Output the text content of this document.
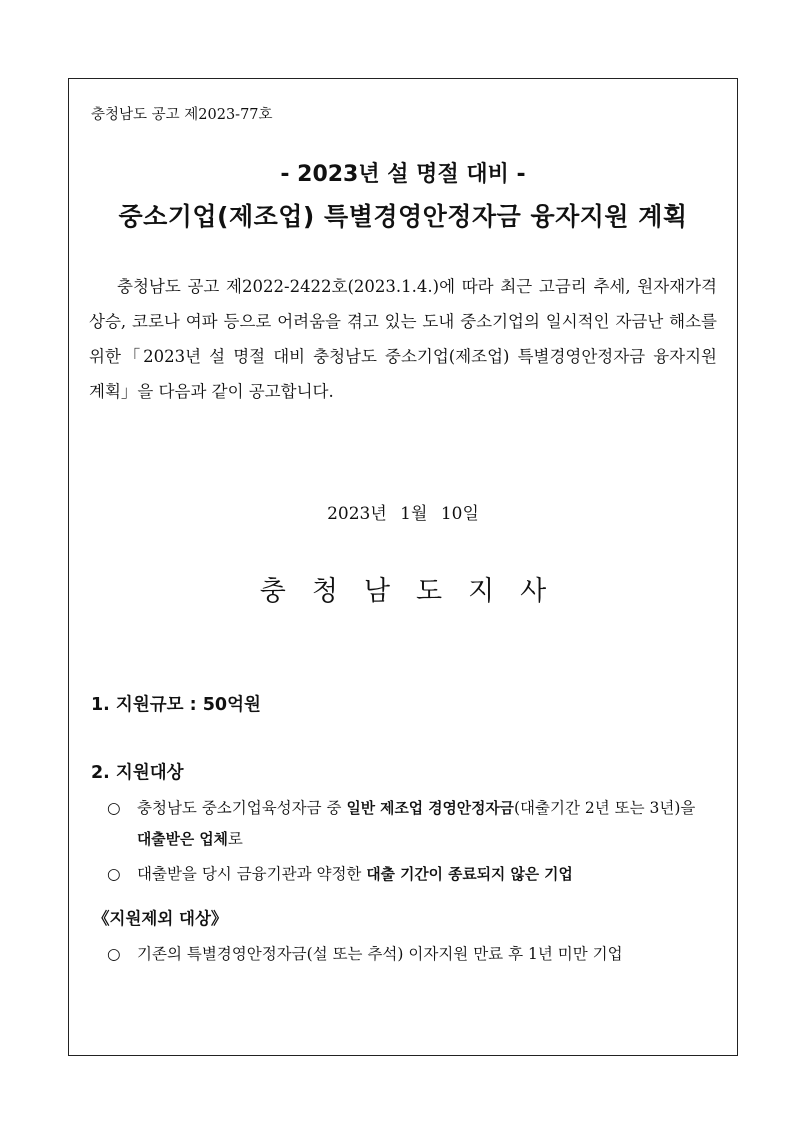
충청남도 공고 제2023-77호
- 2023년 설 명절 대비 -
중소기업(제조업) 특별경영안정자금 융자지원 계획
충청남도 공고 제2022-2422호(2023.1.4.)에 따라 최근 고금리 추세, 원자재가격 상승, 코로나 여파 등으로 어려움을 겪고 있는 도내 중소기업의 일시적인 자금난 해소를 위한「2023년 설 명절 대비 충청남도 중소기업(제조업) 특별경영안정자금 융자지원 계획」을 다음과 같이 공고합니다.
2023년 1월 10일
충청남도지사
1. 지원규모 : 50억원
2. 지원대상
○ 충청남도 중소기업육성자금 중 일반 제조업 경영안정자금(대출기간 2년 또는 3년)을 대출받은 업체로
○ 대출받을 당시 금융기관과 약정한 대출 기간이 종료되지 않은 기업
《지원제외 대상》
○ 기존의 특별경영안정자금(설 또는 추석) 이자지원 만료 후 1년 미만 기업
